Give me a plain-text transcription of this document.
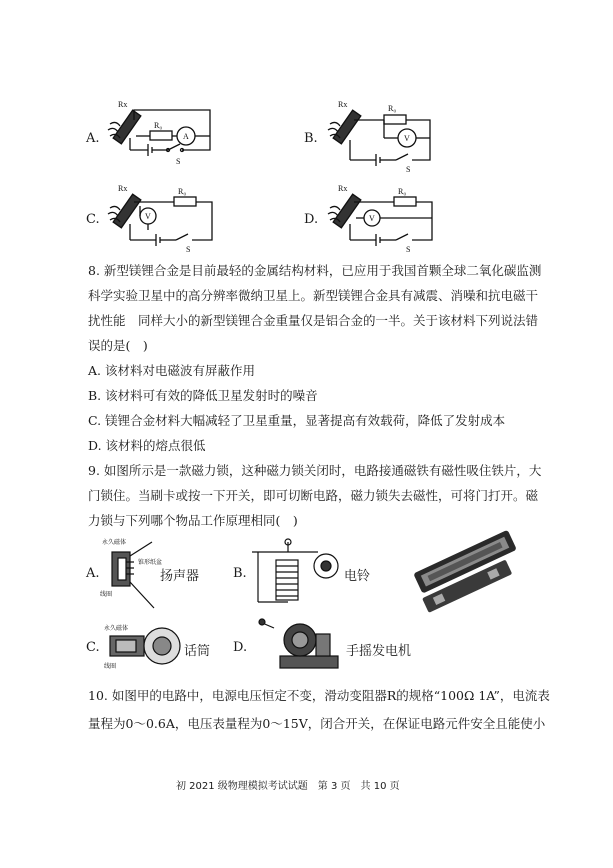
A.
Rx
R₀
A
S
B.
Rx	R₀
V
S
C.
Rx	R₀
V
S
D.
Rx	R₀
V
S
8. 新型镁锂合金是目前最轻的金属结构材料，已应用于我国首颗全球二氧化碳监测
科学实验卫星中的高分辨率微纳卫星上。新型镁锂合金具有减震、消噪和抗电磁干
扰性能　同样大小的新型镁锂合金重量仅是铝合金的一半。关于该材料下列说法错
误的是(　)
A. 该材料对电磁波有屏蔽作用
B. 该材料可有效的降低卫星发射时的噪音
C. 镁锂合金材料大幅减轻了卫星重量，显著提高有效载荷，降低了发射成本
D. 该材料的熔点很低
9. 如图所示是一款磁力锁，这种磁力锁关闭时，电路接通磁铁有磁性吸住铁片，大
门锁住。当刷卡或按一下开关，即可切断电路，磁力锁失去磁性，可将门打开。磁
力锁与下列哪个物品工作原理相同(　)
A.
永久磁体
锥形纸盆
线圈
扬声器	B.	电铃
C.
永久磁体
线圈
话筒 D.	手摇发电机
10. 如图甲的电路中，电源电压恒定不变，滑动变阻器R的规格“100Ω 1A”，电流表
量程为0～0.6A，电压表量程为0～15V，闭合开关，在保证电路元件安全且能使小
初 2021 级物理模拟考试试题　第 3 页　共 10 页
